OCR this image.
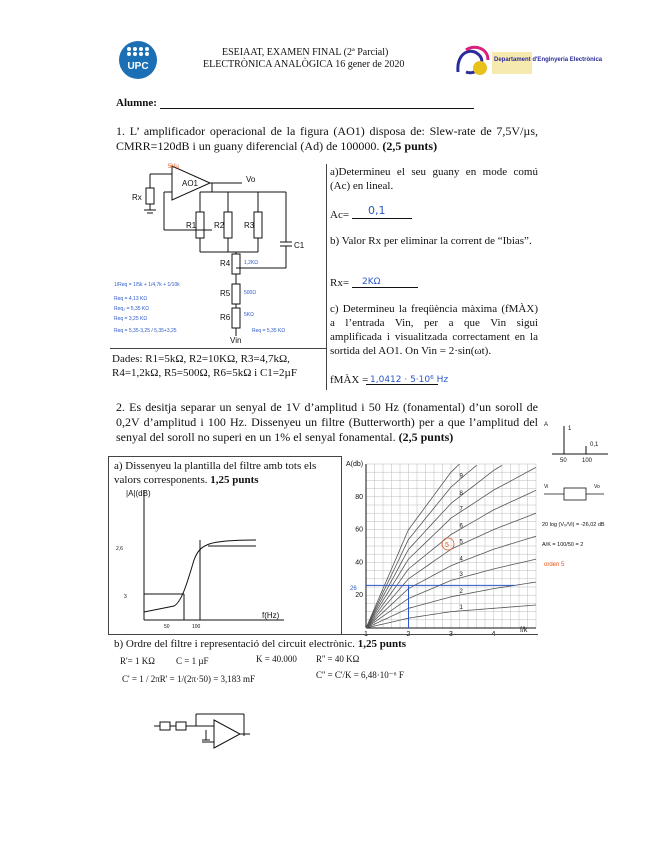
UPC
ESEIAAT, EXAMEN FINAL (2ª Parcial)
ELECTRÒNICA ANALÒGICA 16 gener de 2020	Departament d'Enginyeria Electrònica
Alumne:
1. L’ amplificador operacional de la figura (AO1) disposa de: Slew-rate de 7,5V/µs, CMRR=120dB i un guany diferencial (Ad) de 100000. (2,5 punts)
AO1	Vo
Rx
R1 R2 R3
C1
R4
R5
R6
Vin
5Vμ
1,2KΩ
500Ω
5KΩ
1/Req = 1/5k + 1/4,7k + 1/10k
Req = 4,13 KΩ
Req₂ = 5,35 KΩ
Req = 3,25 KΩ
Req = 5,35·3,25 / 5,35+3,25	Req = 5,35 KΩ
Dades: R1=5kΩ, R2=10KΩ, R3=4,7kΩ, R4=1,2kΩ, R5=500Ω, R6=5kΩ i C1=2µF
a)Determineu el seu guany en mode comú (Ac) en lineal.
Ac= 0,1
b) Valor Rx per eliminar la corrent de “Ibias”.
Rx= 2KΩ
c) Determineu la freqüència màxima (fMÀX) a l’entrada Vin, per a que Vin sigui amplificada i visualitzada correctament en la sortida del AO1. On Vin = 2·sin(ωt).
fMÀX = 1,0412 · 5·10⁶ Hz
2. Es desitja separar un senyal de 1V d’amplitud i 50 Hz (fonamental) d’un soroll de 0,2V d’amplitud i 100 Hz. Dissenyeu un filtre (Butterworth) per a que l’amplitud del senyal del soroll no superi en un 1% el senyal fonamental. (2,5 punts)
A
1
0,1
50	100
a) Dissenyeu la plantilla del filtre amb tots els valors corresponents. 1,25 punts
|A|(dB)
f(Hz)
2,6
3
50	100
20
40
60
80
1	2	3	4
1
2
3
4
5
6
7
8
9
A(db)
f/k
26
5
Vi	Vo
20 log (V₀/Vi) = -26,02 dB
A/K = 100/50 = 2
orden 5
b) Ordre del filtre i representació del circuit electrònic. 1,25 punts
R'= 1 KΩ C = 1 µF	K = 40.000 R'' = 40 KΩ
C' = 1 / 2πR' = 1/(2π·50) = 3,183 mF	C'' = C'/K = 6,48·10⁻⁶ F
